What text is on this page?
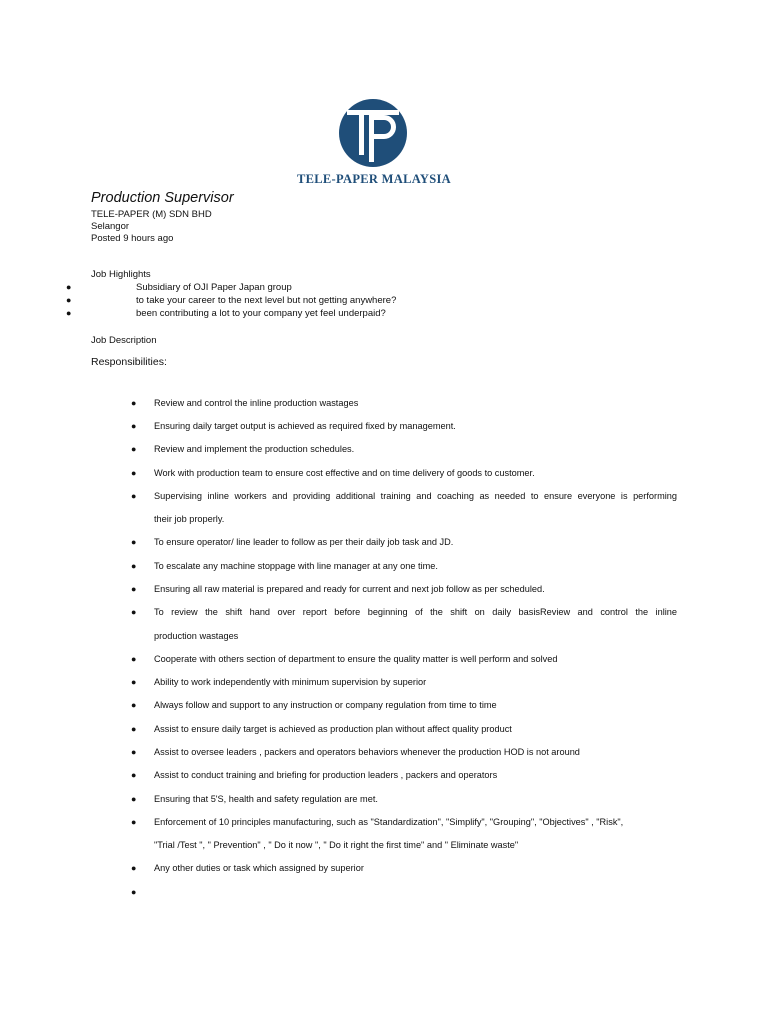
TELE-PAPER MALAYSIA
Production Supervisor
TELE-PAPER (M) SDN BHD
Selangor
Posted 9 hours ago
Job Highlights
●	Subsidiary of OJI Paper Japan group
●	to take your career to the next level but not getting anywhere?
●	been contributing a lot to your company yet feel underpaid?
Job Description
Responsibilities:
● Review and control the inline production wastages
● Ensuring daily target output is achieved as required fixed by management.
● Review and implement the production schedules.
● Work with production team to ensure cost effective and on time delivery of goods to customer.
● Supervising inline workers and providing additional training and coaching as needed to ensure everyone is performing
their job properly.
● To ensure operator/ line leader to follow as per their daily job task and JD.
● To escalate any machine stoppage with line manager at any one time.
● Ensuring all raw material is prepared and ready for current and next job follow as per scheduled.
● To review the shift hand over report before beginning of the shift on daily basisReview and control the inline
production wastages
● Cooperate with others section of department to ensure the quality matter is well perform and solved
● Ability to work independently with minimum supervision by superior
● Always follow and support to any instruction or company regulation from time to time
● Assist to ensure daily target is achieved as production plan without affect quality product
● Assist to oversee leaders , packers and operators behaviors whenever the production HOD is not around
● Assist to conduct training and briefing for production leaders , packers and operators
● Ensuring that 5'S, health and safety regulation are met.
● Enforcement of 10 principles manufacturing, such as "Standardization", "Simplify", "Grouping", "Objectives" , "Risk",
"Trial /Test ", " Prevention" , " Do it now ", " Do it right the first time" and " Eliminate waste"
● Any other duties or task which assigned by superior
●
